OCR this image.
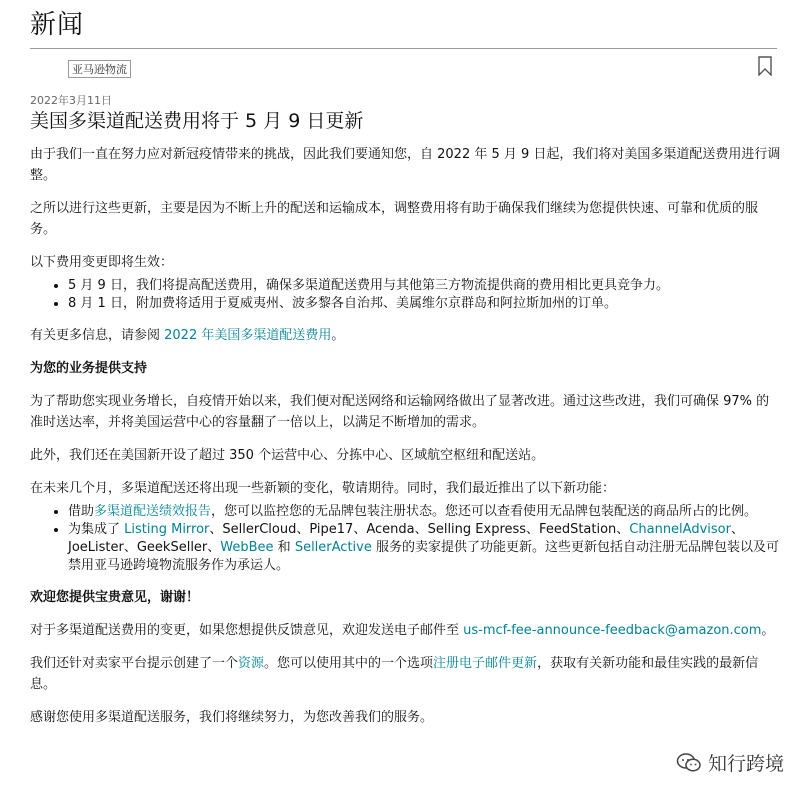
新闻
亚马逊物流
2022年3月11日
美国多渠道配送费用将于 5 月 9 日更新

由于我们一直在努力应对新冠疫情带来的挑战，因此我们要通知您，自 2022 年 5 月 9 日起，我们将对美国多渠道配送费用进行调整。

之所以进行这些更新，主要是因为不断上升的配送和运输成本，调整费用将有助于确保我们继续为您提供快速、可靠和优质的服务。

以下费用变更即将生效：

• 5 月 9 日，我们将提高配送费用，确保多渠道配送费用与其他第三方物流提供商的费用相比更具竞争力。
• 8 月 1 日，附加费将适用于夏威夷州、波多黎各自治邦、美属维尔京群岛和阿拉斯加州的订单。

有关更多信息，请参阅 2022 年美国多渠道配送费用。

为您的业务提供支持

为了帮助您实现业务增长，自疫情开始以来，我们便对配送网络和运输网络做出了显著改进。通过这些改进，我们可确保 97% 的准时送达率，并将美国运营中心的容量翻了一倍以上，以满足不断增加的需求。

此外，我们还在美国新开设了超过 350 个运营中心、分拣中心、区域航空枢纽和配送站。

在未来几个月，多渠道配送还将出现一些新颖的变化，敬请期待。同时，我们最近推出了以下新功能：

• 借助多渠道配送绩效报告，您可以监控您的无品牌包装注册状态。您还可以查看使用无品牌包装配送的商品所占的比例。
• 为集成了 Listing Mirror、SellerCloud、Pipe17、Acenda、Selling Express、FeedStation、ChannelAdvisor、JoeLister、GeekSeller、WebBee 和 SellerActive 服务的卖家提供了功能更新。这些更新包括自动注册无品牌包装以及可禁用亚马逊跨境物流服务作为承运人。
欢迎您提供宝贵意见，谢谢！

对于多渠道配送费用的变更，如果您想提供反馈意见，欢迎发送电子邮件至 us-mcf-fee-announce-feedback@amazon.com。

我们还针对卖家平台提示创建了一个资源。您可以使用其中的一个选项注册电子邮件更新，获取有关新功能和最佳实践的最新信息。

感谢您使用多渠道配送服务，我们将继续努力，为您改善我们的服务。

知行跨境
